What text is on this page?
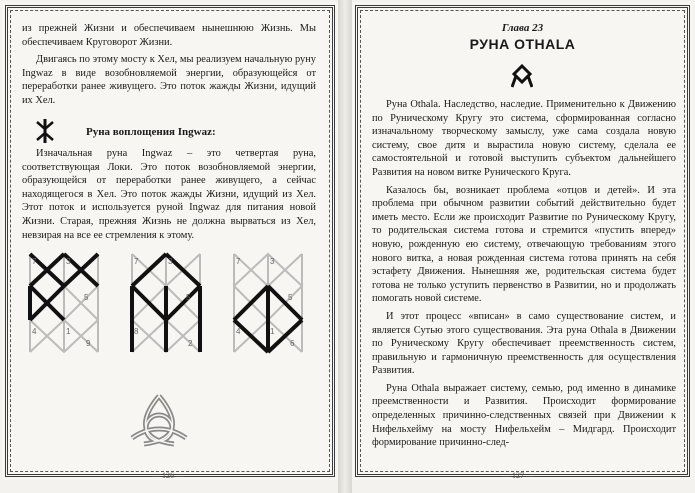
из прежней Жизни и обеспечиваем нынешнюю Жизнь. Мы обеспечиваем Круговорот Жизни.

Двигаясь по этому мосту к Хел, мы реализуем начальную руну Ingwaz в виде возобновляемой энергии, образующейся от переработки ранее живущего. Это поток жажды Жизни, идущий их Хел.

Руна воплощения Ingwaz:

Изначальная руна Ingwaz – это четвертая руна, соответствующая Локи. Это поток возобновляемой энергии, образующейся от переработки ранее живущего, а сейчас находящегося в Хел. Это поток жажды Жизни, идущий из Хел. Этот поток и используется руной Ingwaz для питания новой Жизни. Старая, прежняя Жизнь не должна вырваться из Хел, невзирая на все ее стремления к этому.

7	3
5
4	1
9
7	3
5
8
2
7	3
5
4	1
6
— 126 —
Глава 23
РУНА OTHALA

Руна Othala. Наследство, наследие. Применительно к Движению по Руническому Кругу это система, сформированная согласно изначальному творческому замыслу, уже сама создала новую систему, свое дитя и вырастила новую систему, сделала ее самостоятельной и готовой выступить субъектом дальнейшего Развития на новом витке Рунического Круга.

Казалось бы, возникает проблема «отцов и детей». И эта проблема при обычном развитии событий действительно будет иметь место. Если же происходит Развитие по Руническому Кругу, то родительская система готова и стремится «пустить вперед» новую, рожденную ею систему, отвечающую требованиям этого нового витка, а новая рожденная система готова принять на себя эстафету Движения. Нынешняя же, родительская система будет готова не только уступить первенство в Развитии, но и продолжать помогать новой системе.

И этот процесс «вписан» в само существование систем, и является Сутью этого существования. Эта руна Othala в Движении по Руническому Кругу обеспечивает преемственность систем, правильную и гармоничную преемственность для осуществления Развития.

Руна Othala выражает систему, семью, род именно в динамике преемственности и Развития. Происходит формирование определенных причинно-следственных связей при Движении к Нифельхейму на мосту Нифельхейм – Мидгард. Происходит формирование причинно-след-

— 127 —
